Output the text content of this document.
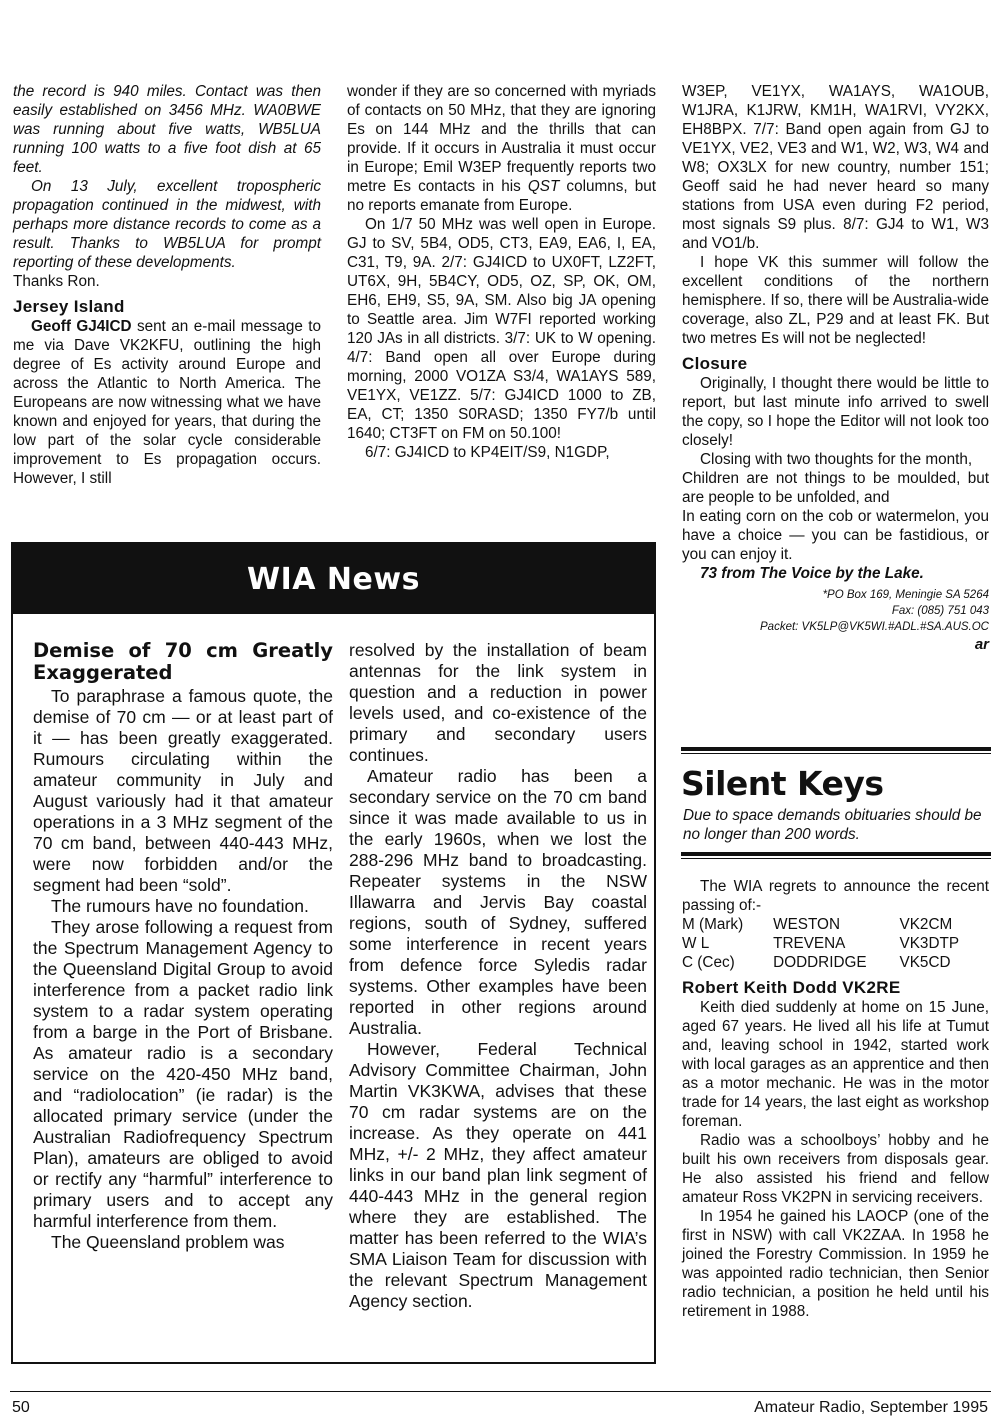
the record is 940 miles. Contact was then easily established on 3456 MHz. WA0BWE was running about five watts, WB5LUA running 100 watts to a five foot dish at 65 feet.

On 13 July, excellent tropospheric propagation continued in the midwest, with perhaps more distance records to come as a result. Thanks to WB5LUA for prompt reporting of these developments.

Thanks Ron.

Jersey Island

Geoff GJ4ICD sent an e-mail message to me via Dave VK2KFU, outlining the high degree of Es activity around Europe and across the Atlantic to North America. The Europeans are now witnessing what we have known and enjoyed for years, that during the low part of the solar cycle considerable improvement to Es propagation occurs. However, I still

wonder if they are so concerned with myriads of contacts on 50 MHz, that they are ignoring Es on 144 MHz and the thrills that can provide. If it occurs in Australia it must occur in Europe; Emil W3EP frequently reports two metre Es contacts in his QST columns, but no reports emanate from Europe.

On 1/7 50 MHz was well open in Europe. GJ to SV, 5B4, OD5, CT3, EA9, EA6, I, EA, C31, T9, 9A. 2/7: GJ4ICD to UX0FT, LZ2FT, UT6X, 9H, 5B4CY, OD5, OZ, SP, OK, OM, EH6, EH9, S5, 9A, SM. Also big JA opening to Seattle area. Jim W7FI reported working 120 JAs in all districts. 3/7: UK to W opening. 4/7: Band open all over Europe during morning, 2000 VO1ZA S3/4, WA1AYS 589, VE1YX, VE1ZZ. 5/7: GJ4ICD 1000 to ZB, EA, CT; 1350 S0RASD; 1350 FY7/b until 1640; CT3FT on FM on 50.100!

6/7: GJ4ICD to KP4EIT/S9, N1GDP,

W3EP, VE1YX, WA1AYS, WA1OUB, W1JRA, K1JRW, KM1H, WA1RVI, VY2KX, EH8BPX. 7/7: Band open again from GJ to VE1YX, VE2, VE3 and W1, W2, W3, W4 and W8; OX3LX for new country, number 151; Geoff said he had never heard so many stations from USA even during F2 period, most signals S9 plus. 8/7: GJ4 to W1, W3 and VO1/b.

I hope VK this summer will follow the excellent conditions of the northern hemisphere. If so, there will be Australia-wide coverage, also ZL, P29 and at least FK. But two metres Es will not be neglected!

Closure

Originally, I thought there would be little to report, but last minute info arrived to swell the copy, so I hope the Editor will not look too closely!

Closing with two thoughts for the month,

Children are not things to be moulded, but are people to be unfolded, and

In eating corn on the cob or watermelon, you have a choice — you can be fastidious, or you can enjoy it.

73 from The Voice by the Lake.

*PO Box 169, Meningie SA 5264

Fax: (085) 751 043

Packet: VK5LP@VK5WI.#ADL.#SA.AUS.OC

ar

WIA News
Demise of 70 cm Greatly Exaggerated

To paraphrase a famous quote, the demise of 70 cm — or at least part of it — has been greatly exaggerated. Rumours circulating within the amateur community in July and August variously had it that amateur operations in a 3 MHz segment of the 70 cm band, between 440-443 MHz, were now forbidden and/or the segment had been “sold”.

The rumours have no foundation.

They arose following a request from the Spectrum Management Agency to the Queensland Digital Group to avoid interference from a packet radio link system to a radar system operating from a barge in the Port of Brisbane. As amateur radio is a secondary service on the 420-450 MHz band, and “radiolocation” (ie radar) is the allocated primary service (under the Australian Radiofrequency Spectrum Plan), amateurs are obliged to avoid or rectify any “harmful” interference to primary users and to accept any harmful interference from them.

The Queensland problem was

resolved by the installation of beam antennas for the link system in question and a reduction in power levels used, and co-existence of the primary and secondary users continues.

Amateur radio has been a secondary service on the 70 cm band since it was made available to us in the early 1960s, when we lost the 288-296 MHz band to broadcasting. Repeater systems in the NSW Illawarra and Jervis Bay coastal regions, south of Sydney, suffered some interference in recent years from defence force Syledis radar systems. Other examples have been reported in other regions around Australia.

However, Federal Technical Advisory Committee Chairman, John Martin VK3KWA, advises that these 70 cm radar systems are on the increase. As they operate on 441 MHz, +/- 2 MHz, they affect amateur links in our band plan link segment of 440-443 MHz in the general region where they are established. The matter has been referred to the WIA’s SMA Liaison Team for discussion with the relevant Spectrum Management Agency section.

Silent Keys
Due to space demands obituaries should be no longer than 200 words.

The WIA regrets to announce the recent passing of:-

M (Mark)	WESTON	VK2CM
W L	TREVENA	VK3DTP
C (Cec)	DODDRIDGE	VK5CD
Robert Keith Dodd VK2RE

Keith died suddenly at home on 15 June, aged 67 years. He lived all his life at Tumut and, leaving school in 1942, started work with local garages as an apprentice and then as a motor mechanic. He was in the motor trade for 14 years, the last eight as workshop foreman.

Radio was a schoolboys’ hobby and he built his own receivers from disposals gear. He also assisted his friend and fellow amateur Ross VK2PN in servicing receivers.

In 1954 he gained his LAOCP (one of the first in NSW) with call VK2ZAA. In 1958 he joined the Forestry Commission. In 1959 he was appointed radio technician, then Senior radio technician, a position he held until his retirement in 1988.

50	Amateur Radio, September 1995
